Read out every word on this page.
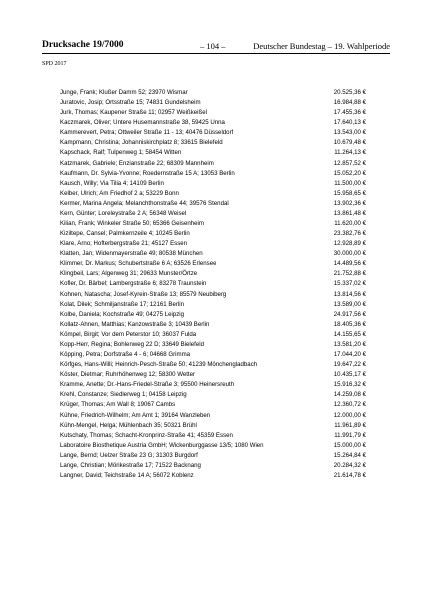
Drucksache 19/7000	– 104 –	Deutscher Bundestag – 19. Wahlperiode
SPD 2017
Junge, Frank; Klußer Damm 52; 23970 Wismar	20.525,36 €
Juratovic, Josip; Ortsstraße 15; 74831 Gundelsheim	16.984,88 €
Jurk, Thomas; Kaupener Straße 11; 02957 Weißkeißel	17.455,36 €
Kaczmarek, Oliver; Untere Husemannstraße 38, 59425 Unna	17.640,13 €
Kammerevert, Petra; Ottweiler Straße 11 - 13; 40476 Düsseldorf	13.543,00 €
Kampmann, Christina; Johanniskirchplatz 8; 33615 Bielefeld	10.679,48 €
Kapschack, Ralf; Tulpenweg 1; 58454 Witten	11.264,13 €
Katzmarek, Gabriele; Enzianstraße 22; 68309 Mannheim	12.857,52 €
Kaufmann, Dr. Sylvia-Yvonne; Roedernstraße 15 A; 13053 Berlin	15.052,20 €
Kausch, Willy; Via Tilia 4; 14109 Berlin	11.500,00 €
Kelber, Ulrich; Am Friedhof 2 a; 53229 Bonn	15.958,65 €
Kermer, Marina Angela; Melanchthonstraße 44; 39576 Stendal	13.902,36 €
Kern, Günter; Loreleystraße 2 A; 56348 Weisel	13.861,48 €
Kilian, Frank; Winkeler Straße 50; 65366 Geisenheim	11.620,00 €
Kiziltepe, Cansel; Palmkernzeile 4; 10245 Berlin	23.382,76 €
Klare, Arno; Hofterbergstraße 21; 45127 Essen	12.928,89 €
Klatten, Jan; Widenmayerstraße 49; 80538 München	30.000,00 €
Klimmer, Dr. Markus; Schubertstraße 6 A; 63526 Erlensee	14.489,56 €
Klingbeil, Lars; Algenweg 31; 29633 Munster/Örtze	21.752,88 €
Kofler, Dr. Bärbel; Lambergstraße 6; 83278 Traunstein	15.337,02 €
Kohnen, Natascha; Josef-Kyrein-Straße 13; 85579 Neubiberg	13.814,56 €
Kolat, Dilek; Schmiljanstraße 17; 12161 Berlin	13.589,00 €
Kolbe, Daniela; Kochstraße 49; 04275 Leipzig	24.917,56 €
Kollatz-Ahnen, Matthias; Kanzowstraße 3; 10439 Berlin	18.405,36 €
Kömpel, Birgit; Vor dem Peterstor 10; 36037 Fulda	14.155,65 €
Kopp-Herr, Regina; Bohlenweg 22 D; 33649 Bielefeld	13.581,20 €
Köpping, Petra; Dorfstraße 4 - 6; 04668 Grimma	17.044,20 €
Körfges, Hans-Willi; Heinrich-Pesch-Straße 50; 41239 Mönchengladbach	19.647,22 €
Köster, Dietmar; Ruhrhöhenweg 12; 58300 Wetter	10.435,17 €
Kramme, Anette; Dr.-Hans-Friedel-Straße 3; 95500 Heinersreuth	15.916,32 €
Krehl, Constanze; Siedlerweg 1; 04158 Leipzig	14.259,08 €
Krüger, Thomas; Am Wall 8; 19067 Cambs	12.360,72 €
Kühne, Friedrich-Wilhelm; Am Amt 1; 39164 Wanzleben	12.000,00 €
Kühn-Mengel, Helga; Mühlenbach 35; 50321 Brühl	11.961,89 €
Kutschaty, Thomas; Schacht-Kronprinz-Straße 41; 45359 Essen	11.991,79 €
Laboratoire Biosthetique Austria GmbH; Wickenburggasse 13/5; 1080 Wien	15.000,00 €
Lange, Bernd; Uelzer Straße 23 G; 31303 Burgdorf	15.264,84 €
Lange, Christian; Mörikestraße 17; 71522 Backnang	20.284,32 €
Langner, David; Teichstraße 14 A; 56072 Koblenz	21.614,78 €
